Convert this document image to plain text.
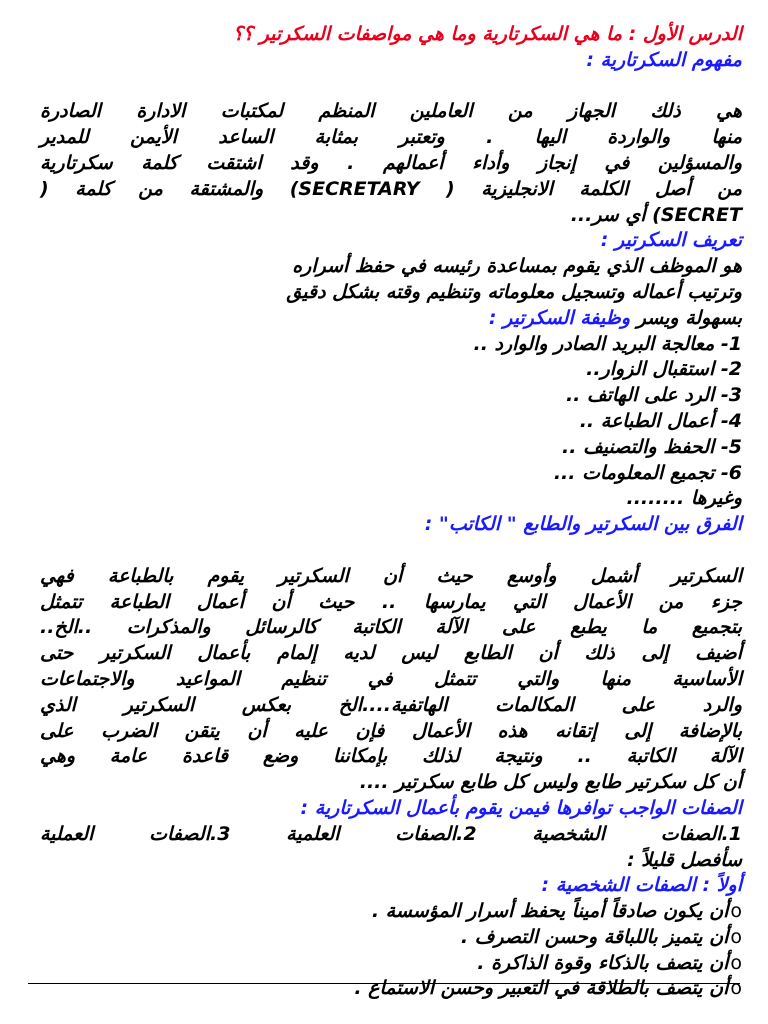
الدرس الأول : ما هي السكرتارية وما هي مواصفات السكرتير ؟؟
مفهوم السكرتارية :
هي ذلك الجهاز من العاملين المنظم لمكتبات الادارة الصادرة
منها والواردة اليها . وتعتبر بمثابة الساعد الأيمن للمدير
والمسؤلين في إنجاز وأداء أعمالهم . وقد اشتقت كلمة سكرتارية
من أصل الكلمة الانجليزية ( SECRETARY) والمشتقة من كلمة (
SECRET) أي سر...
تعريف السكرتير :
هو الموظف الذي يقوم بمساعدة رئيسه في حفظ أسراره
وترتيب أعماله وتسجيل معلوماته وتنظيم وقته بشكل دقيق
بسهولة ويسر وظيفة السكرتير :
1- معالجة البريد الصادر والوارد ..
2- استقبال الزوار..
3- الرد على الهاتف ..
4- أعمال الطباعة ..
5- الحفظ والتصنيف ..
6- تجميع المعلومات ...
وغيرها ........
الفرق بين السكرتير والطابع " الكاتب" :
السكرتير أشمل وأوسع حيث أن السكرتير يقوم بالطباعة فهي
جزء من الأعمال التي يمارسها .. حيث أن أعمال الطباعة تتمثل
بتجميع ما يطبع على الآلة الكاتبة كالرسائل والمذكرات ..الخ..
أضيف إلى ذلك أن الطابع ليس لديه إلمام بأعمال السكرتير حتى
الأساسية منها والتي تتمثل في تنظيم المواعيد والاجتماعات
والرد على المكالمات الهاتفية....الخ بعكس السكرتير الذي
بالإضافة إلى إتقانه هذه الأعمال فإن عليه أن يتقن الضرب على
الآلة الكاتبة .. ونتيجة لذلك بإمكاننا وضع قاعدة عامة وهي
أن كل سكرتير طابع وليس كل طابع سكرتير ....
الصفات الواجب توافرها فيمن يقوم بأعمال السكرتارية :
1.الصفات الشخصية 2.الصفات العلمية 3.الصفات العملية
سأفصل قليلاً :
أولاً : الصفات الشخصية :
oأن يكون صادقاً أميناً يحفظ أسرار المؤسسة .
oأن يتميز باللباقة وحسن التصرف .
oأن يتصف بالذكاء وقوة الذاكرة .
oأن يتصف بالطلاقة في التعبير وحسن الاستماع .
